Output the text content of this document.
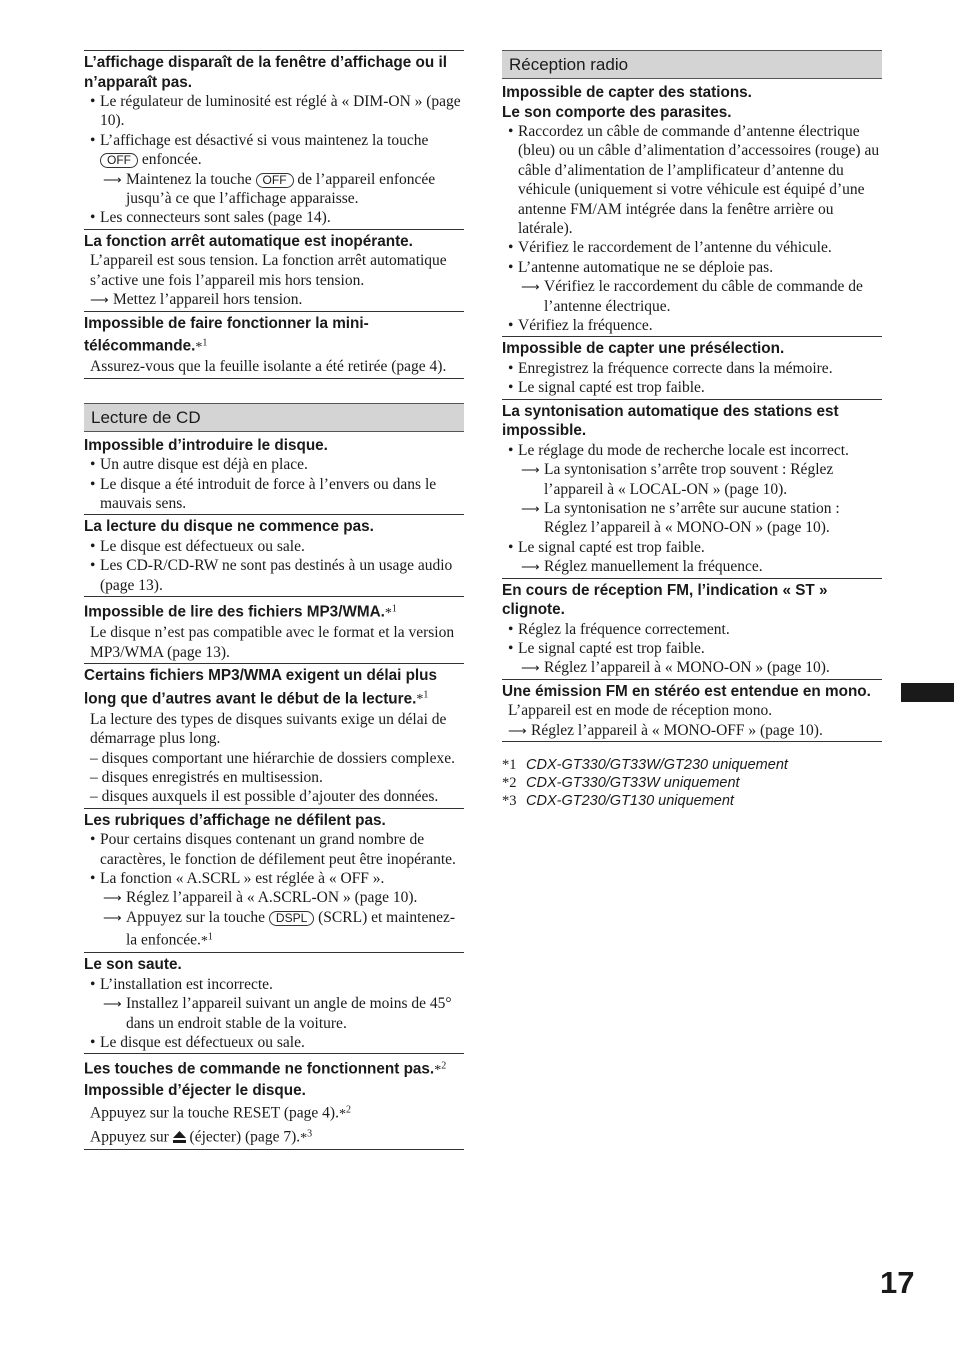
L’affichage disparaît de la fenêtre d’affichage ou il n’apparaît pas.
• Le régulateur de luminosité est réglé à « DIM-ON » (page 10).
• L’affichage est désactivé si vous maintenez la touche OFF enfoncée.
⟶ Maintenez la touche OFF de l’appareil enfoncée jusqu’à ce que l’affichage apparaisse.
• Les connecteurs sont sales (page 14).
La fonction arrêt automatique est inopérante.
L’appareil est sous tension. La fonction arrêt automatique s’active une fois l’appareil mis hors tension.
⟶ Mettez l’appareil hors tension.
Impossible de faire fonctionner la mini-télécommande.*$^1$
Assurez-vous que la feuille isolante a été retirée (page 4).
Lecture de CD
Impossible d’introduire le disque.
• Un autre disque est déjà en place.
• Le disque a été introduit de force à l’envers ou dans le mauvais sens.
La lecture du disque ne commence pas.
• Le disque est défectueux ou sale.
• Les CD-R/CD-RW ne sont pas destinés à un usage audio (page 13).
Impossible de lire des fichiers MP3/WMA.*$^1$
Le disque n’est pas compatible avec le format et la version MP3/WMA (page 13).
Certains fichiers MP3/WMA exigent un délai plus long que d’autres avant le début de la lecture.*$^1$
La lecture des types de disques suivants exige un délai de démarrage plus long.
– disques comportant une hiérarchie de dossiers complexe.
– disques enregistrés en multisession.
– disques auxquels il est possible d’ajouter des données.
Les rubriques d’affichage ne défilent pas.
• Pour certains disques contenant un grand nombre de caractères, le fonction de défilement peut être inopérante.
• La fonction « A.SCRL » est réglée à « OFF ».
⟶ Réglez l’appareil à « A.SCRL-ON » (page 10).
⟶ Appuyez sur la touche DSPL (SCRL) et maintenez-la enfoncée.*$^1$
Le son saute.
• L’installation est incorrecte.
⟶ Installez l’appareil suivant un angle de moins de 45° dans un endroit stable de la voiture.
• Le disque est défectueux ou sale.
Les touches de commande ne fonctionnent pas.*$^2$
Impossible d’éjecter le disque.
Appuyez sur la touche RESET (page 4).*$^2$
Appuyez sur (éjecter) (page 7).*$^3$
Réception radio
Impossible de capter des stations.
Le son comporte des parasites.
• Raccordez un câble de commande d’antenne électrique (bleu) ou un câble d’alimentation d’accessoires (rouge) au câble d’alimentation de l’amplificateur d’antenne du véhicule (uniquement si votre véhicule est équipé d’une antenne FM/AM intégrée dans la fenêtre arrière ou latérale).
• Vérifiez le raccordement de l’antenne du véhicule.
• L’antenne automatique ne se déploie pas.
⟶ Vérifiez le raccordement du câble de commande de l’antenne électrique.
• Vérifiez la fréquence.
Impossible de capter une présélection.
• Enregistrez la fréquence correcte dans la mémoire.
• Le signal capté est trop faible.
La syntonisation automatique des stations est impossible.
• Le réglage du mode de recherche locale est incorrect.
⟶ La syntonisation s’arrête trop souvent : Réglez l’appareil à « LOCAL-ON » (page 10).
⟶ La syntonisation ne s’arrête sur aucune station : Réglez l’appareil à « MONO-ON » (page 10).
• Le signal capté est trop faible.
⟶ Réglez manuellement la fréquence.
En cours de réception FM, l’indication « ST » clignote.
• Réglez la fréquence correctement.
• Le signal capté est trop faible.
⟶ Réglez l’appareil à « MONO-ON » (page 10).
Une émission FM en stéréo est entendue en mono.
L’appareil est en mode de réception mono.
⟶ Réglez l’appareil à « MONO-OFF » (page 10).
*1 CDX-GT330/GT33W/GT230 uniquement
*2 CDX-GT330/GT33W uniquement
*3 CDX-GT230/GT130 uniquement
17
